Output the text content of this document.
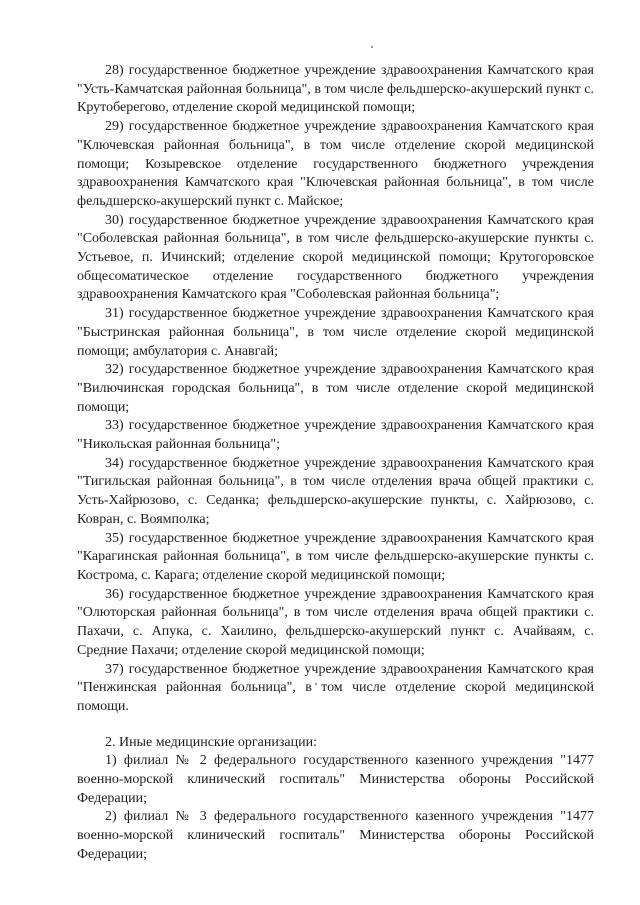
28) государственное бюджетное учреждение здравоохранения Камчатского края "Усть-Камчатская районная больница", в том числе фельдшерско-акушерский пункт с. Крутоберегово, отделение скорой медицинской помощи;

29) государственное бюджетное учреждение здравоохранения Камчатского края "Ключевская районная больница", в том числе отделение скорой медицинской помощи; Козыревское отделение государственного бюджетного учреждения здравоохранения Камчатского края "Ключевская районная больница", в том числе фельдшерско-акушерский пункт с. Майское;

30) государственное бюджетное учреждение здравоохранения Камчатского края "Соболевская районная больница", в том числе фельдшерско-акушерские пункты с. Устьевое, п. Ичинский; отделение скорой медицинской помощи; Крутогоровское общесоматическое отделение государственного бюджетного учреждения здравоохранения Камчатского края "Соболевская районная больница";

31) государственное бюджетное учреждение здравоохранения Камчатского края "Быстринская районная больница", в том числе отделение скорой медицинской помощи; амбулатория с. Анавгай;

32) государственное бюджетное учреждение здравоохранения Камчатского края "Вилючинская городская больница", в том числе отделение скорой медицинской помощи;

33) государственное бюджетное учреждение здравоохранения Камчатского края "Никольская районная больница";

34) государственное бюджетное учреждение здравоохранения Камчатского края "Тигильская районная больница", в том числе отделения врача общей практики с. Усть-Хайрюзово, с. Седанка; фельдшерско-акушерские пункты, с. Хайрюзово, с. Ковран, с. Воямполка;

35) государственное бюджетное учреждение здравоохранения Камчатского края "Карагинская районная больница", в том числе фельдшерско-акушерские пункты с. Кострома, с. Карага; отделение скорой медицинской помощи;

36) государственное бюджетное учреждение здравоохранения Камчатского края "Олюторская районная больница", в том числе отделения врача общей практики с. Пахачи, с. Апука, с. Хаилино, фельдшерско-акушерский пункт с. Ачайваям, с. Средние Пахачи; отделение скорой медицинской помощи;

37) государственное бюджетное учреждение здравоохранения Камчатского края "Пенжинская районная больница", в том числе отделение скорой медицинской помощи.

2. Иные медицинские организации:

1) филиал № 2 федерального государственного казенного учреждения "1477 военно-морской клинический госпиталь" Министерства обороны Российской Федерации;

2) филиал № 3 федерального государственного казенного учреждения "1477 военно-морской клинический госпиталь" Министерства обороны Российской Федерации;
